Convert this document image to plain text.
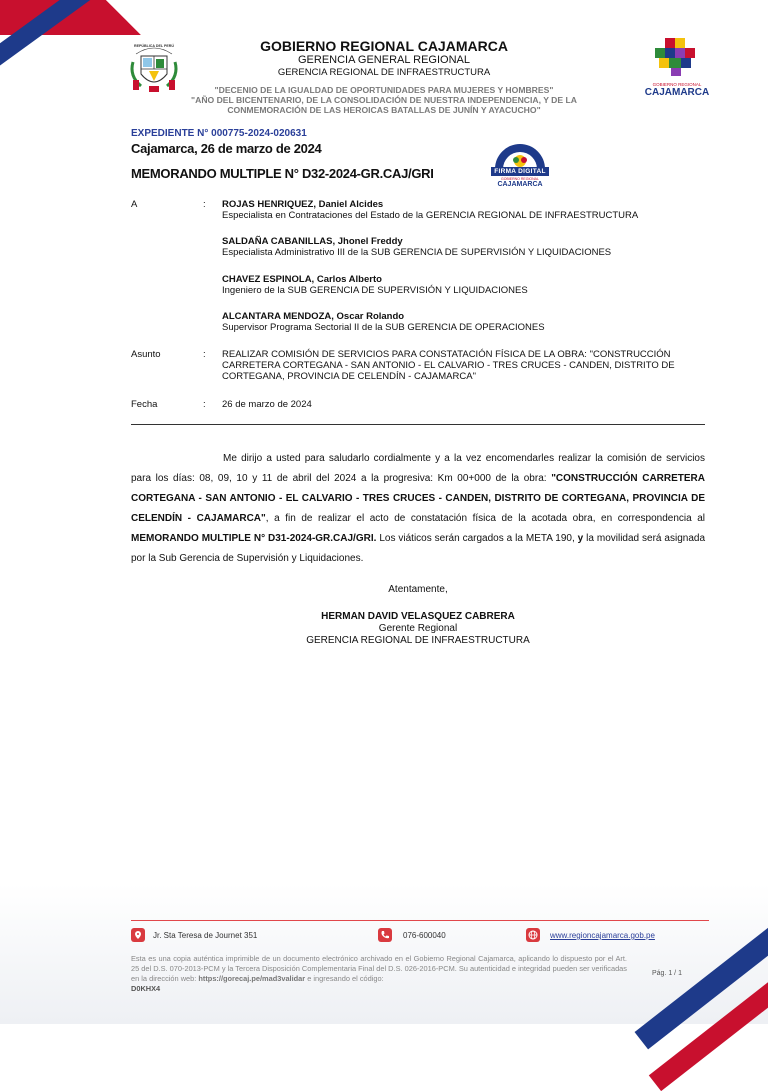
REPÚBLICA DEL PERÚ	GOBIERNO REGIONAL CAJAMARCA
GERENCIA GENERAL REGIONAL
GERENCIA REGIONAL DE INFRAESTRUCTURA
"DECENIO DE LA IGUALDAD DE OPORTUNIDADES PARA MUJERES Y HOMBRES"
"AÑO DEL BICENTENARIO, DE LA CONSOLIDACIÓN DE NUESTRA INDEPENDENCIA, Y DE LA
CONMEMORACIÓN DE LAS HEROICAS BATALLAS DE JUNÍN Y AYACUCHO"
GOBIERNO REGIONAL
CAJAMARCA
FIRMA DIGITAL
GOBIERNO REGIONAL
CAJAMARCA
EXPEDIENTE N° 000775-2024-020631
Cajamarca, 26 de marzo de 2024
MEMORANDO MULTIPLE N° D32-2024-GR.CAJ/GRI
A	: ROJAS HENRIQUEZ, Daniel Alcides
Especialista en Contrataciones del Estado de la GERENCIA REGIONAL DE INFRAESTRUCTURA
SALDAÑA CABANILLAS, Jhonel Freddy
Especialista Administrativo III de la SUB GERENCIA DE SUPERVISIÓN Y LIQUIDACIONES
CHAVEZ ESPINOLA, Carlos Alberto
Ingeniero de la SUB GERENCIA DE SUPERVISIÓN Y LIQUIDACIONES
ALCANTARA MENDOZA, Oscar Rolando
Supervisor Programa Sectorial II de la SUB GERENCIA DE OPERACIONES
Asunto	: REALIZAR COMISIÓN DE SERVICIOS PARA CONSTATACIÓN FÍSICA DE LA OBRA: "CONSTRUCCIÓN
CARRETERA CORTEGANA - SAN ANTONIO - EL CALVARIO - TRES CRUCES - CANDEN, DISTRITO DE
CORTEGANA, PROVINCIA DE CELENDÍN - CAJAMARCA"
Fecha	: 26 de marzo de 2024
Me dirijo a usted para saludarlo cordialmente y a la vez encomendarles realizar la comisión de servicios para los días: 08, 09, 10 y 11 de abril del 2024 a la progresiva: Km 00+000 de la obra: "CONSTRUCCIÓN CARRETERA CORTEGANA - SAN ANTONIO - EL CALVARIO - TRES CRUCES - CANDEN, DISTRITO DE CORTEGANA, PROVINCIA DE CELENDÍN - CAJAMARCA", a fin de realizar el acto de constatación física de la acotada obra, en correspondencia al MEMORANDO MULTIPLE N° D31-2024-GR.CAJ/GRI. Los viáticos serán cargados a la META 190, y la movilidad será asignada por la Sub Gerencia de Supervisión y Liquidaciones.
Atentamente,
HERMAN DAVID VELASQUEZ CABRERA
Gerente Regional
GERENCIA REGIONAL DE INFRAESTRUCTURA
Jr. Sta Teresa de Journet 351	076-600040	www.regioncajamarca.gob.pe
Esta es una copia auténtica imprimible de un documento electrónico archivado en el Gobierno Regional Cajamarca, aplicando lo dispuesto por el Art. 25 del D.S. 070-2013-PCM y la Tercera Disposición Complementaria Final del D.S. 026-2016-PCM. Su autenticidad e integridad pueden ser verificadas en la dirección web: https://gorecaj.pe/mad3validar e ingresando el código:
D0KHX4
Pág. 1 / 1
